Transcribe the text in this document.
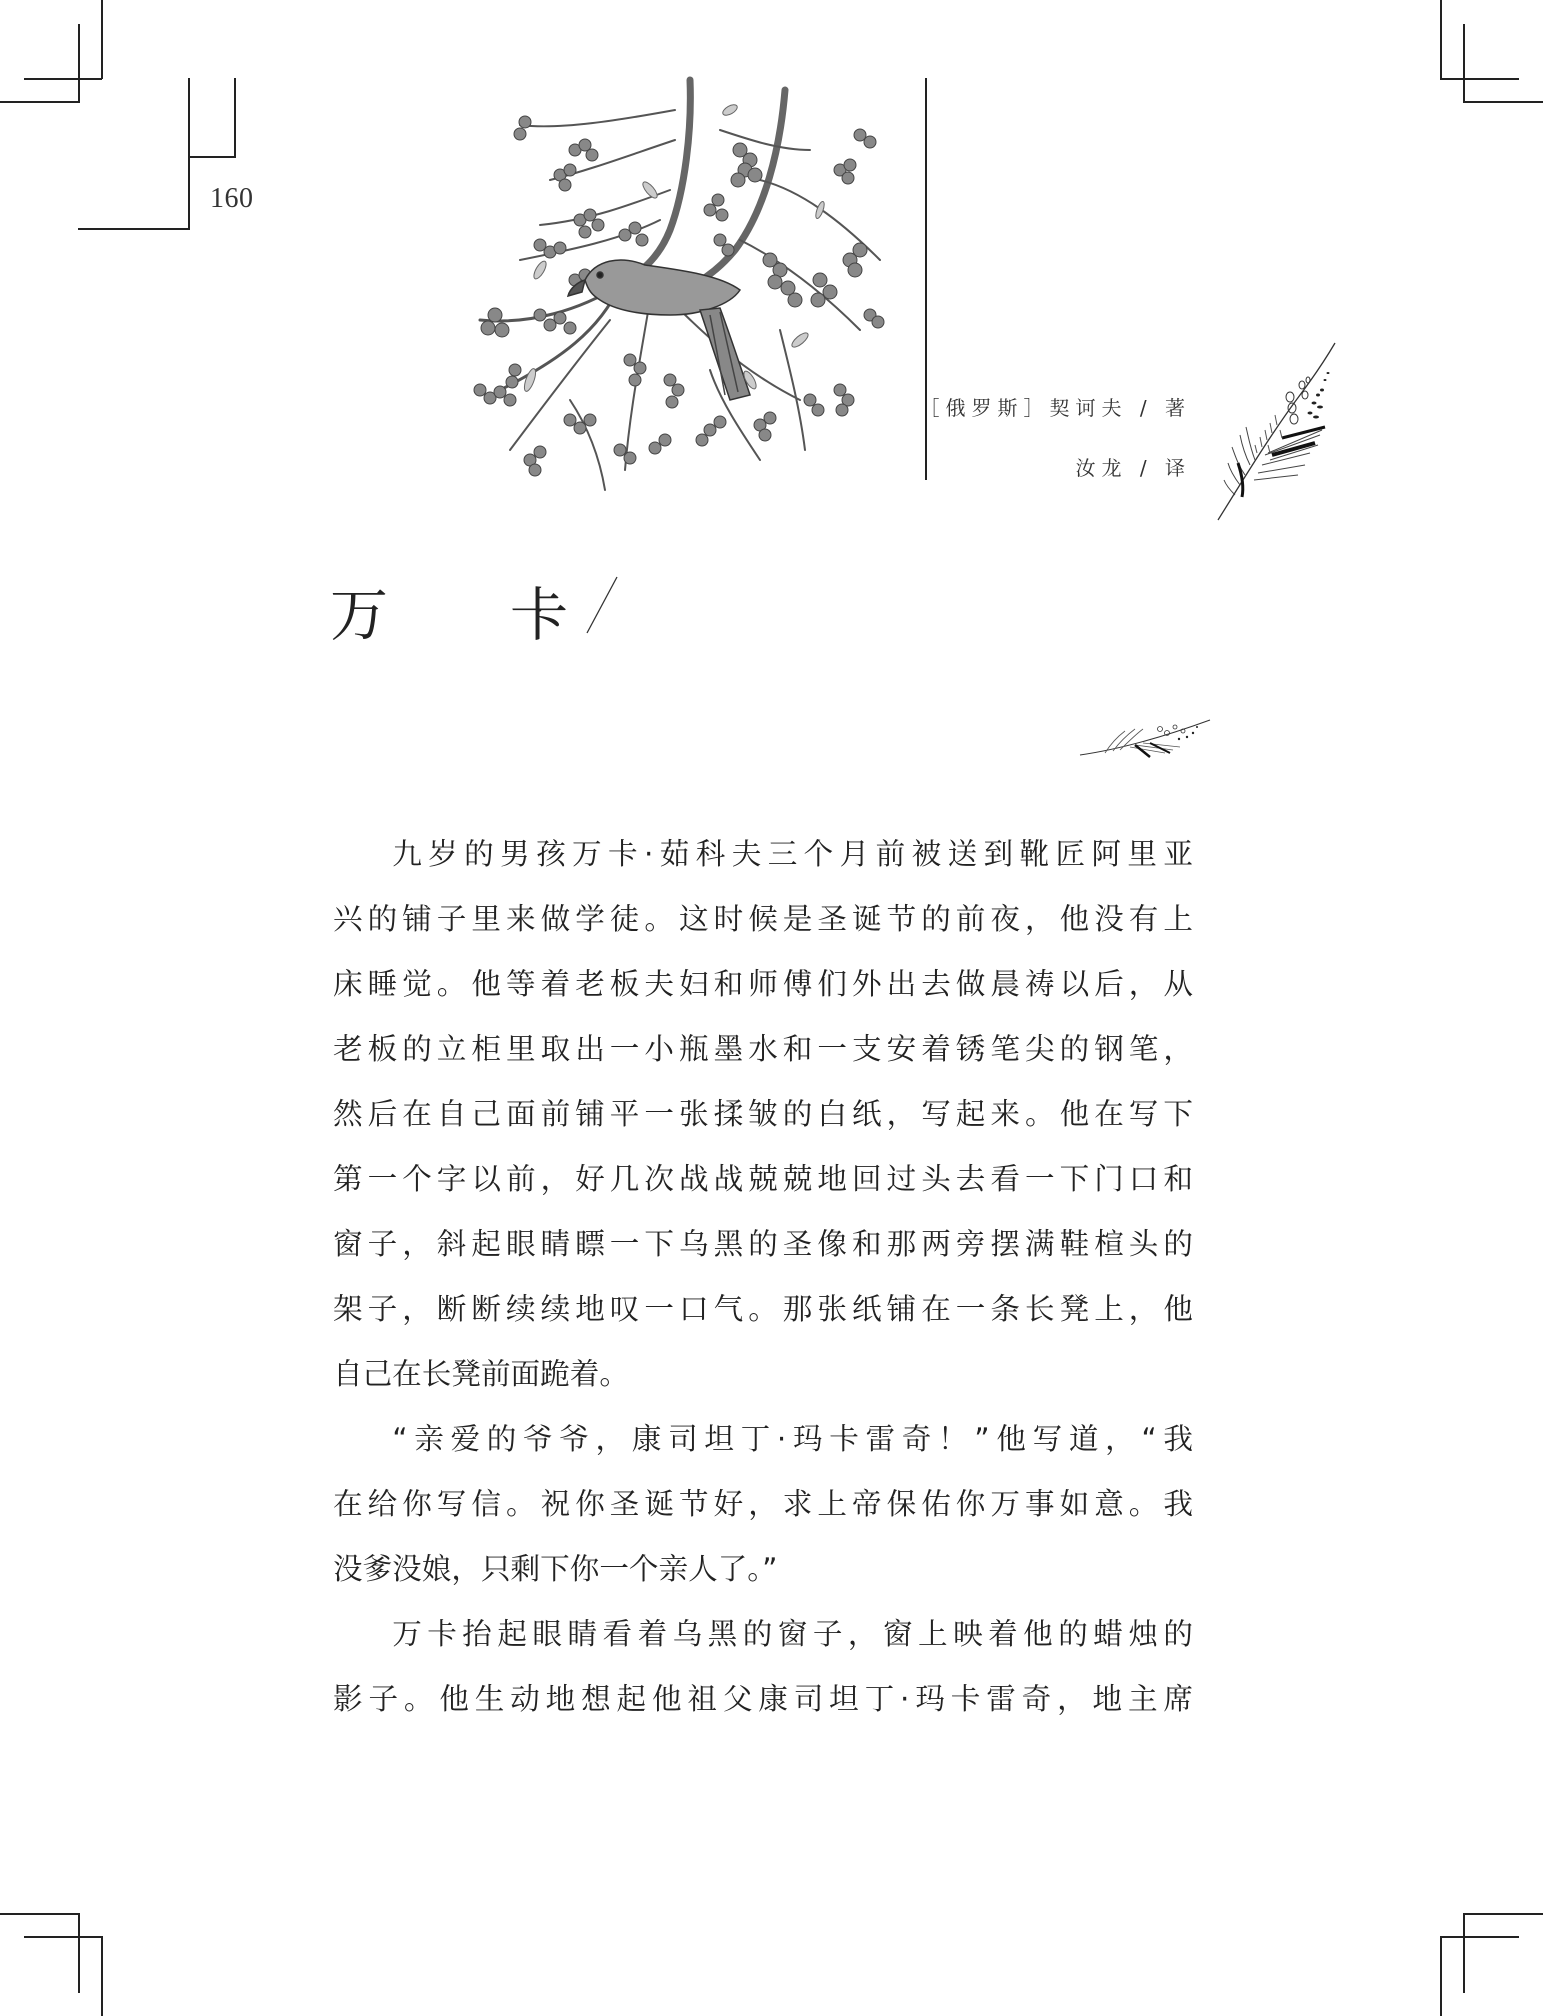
160
［俄罗斯］契诃夫 / 著
汝龙 / 译
万 卡
九岁的男孩万卡·茹科夫三个月前被送到靴匠阿里亚
兴的铺子里来做学徒。这时候是圣诞节的前夜，他没有上
床睡觉。他等着老板夫妇和师傅们外出去做晨祷以后，从
老板的立柜里取出一小瓶墨水和一支安着锈笔尖的钢笔，
然后在自己面前铺平一张揉皱的白纸，写起来。他在写下
第一个字以前，好几次战战兢兢地回过头去看一下门口和
窗子，斜起眼睛瞟一下乌黑的圣像和那两旁摆满鞋楦头的
架子，断断续续地叹一口气。那张纸铺在一条长凳上，他
自己在长凳前面跪着。
“亲爱的爷爷，康司坦丁·玛卡雷奇！”他写道，“我
在给你写信。祝你圣诞节好，求上帝保佑你万事如意。我
没爹没娘，只剩下你一个亲人了。”
万卡抬起眼睛看着乌黑的窗子，窗上映着他的蜡烛的
影子。他生动地想起他祖父康司坦丁·玛卡雷奇，地主席
